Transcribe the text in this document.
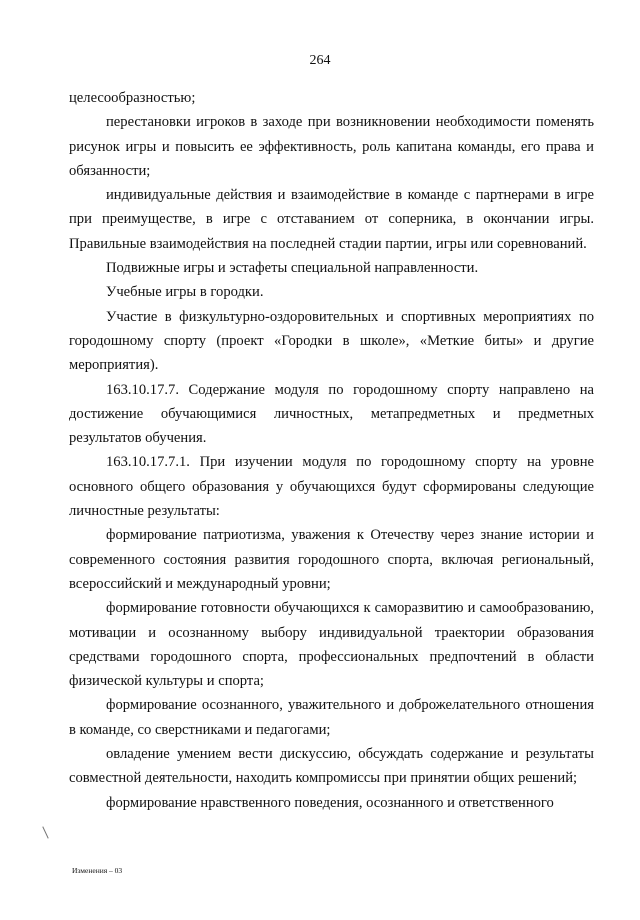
264

целесообразностью;

перестановки игроков в заходе при возникновении необходимости поменять рисунок игры и повысить ее эффективность, роль капитана команды, его права и обязанности;

индивидуальные действия и взаимодействие в команде с партнерами в игре при преимуществе, в игре с отставанием от соперника, в окончании игры. Правильные взаимодействия на последней стадии партии, игры или соревнований.

Подвижные игры и эстафеты специальной направленности.

Учебные игры в городки.

Участие в физкультурно-оздоровительных и спортивных мероприятиях по городошному спорту (проект «Городки в школе», «Меткие биты» и другие мероприятия).

163.10.17.7. Содержание модуля по городошному спорту направлено на достижение обучающимися личностных, метапредметных и предметных результатов обучения.

163.10.17.7.1. При изучении модуля по городошному спорту на уровне основного общего образования у обучающихся будут сформированы следующие личностные результаты:

формирование патриотизма, уважения к Отечеству через знание истории и современного состояния развития городошного спорта, включая региональный, всероссийский и международный уровни;

формирование готовности обучающихся к саморазвитию и самообразованию, мотивации и осознанному выбору индивидуальной траектории образования средствами городошного спорта, профессиональных предпочтений в области физической культуры и спорта;

формирование осознанного, уважительного и доброжелательного отношения в команде, со сверстниками и педагогами;

овладение умением вести дискуссию, обсуждать содержание и результаты совместной деятельности, находить компромиссы при принятии общих решений;

формирование нравственного поведения, осознанного и ответственного

Изменения – 03
